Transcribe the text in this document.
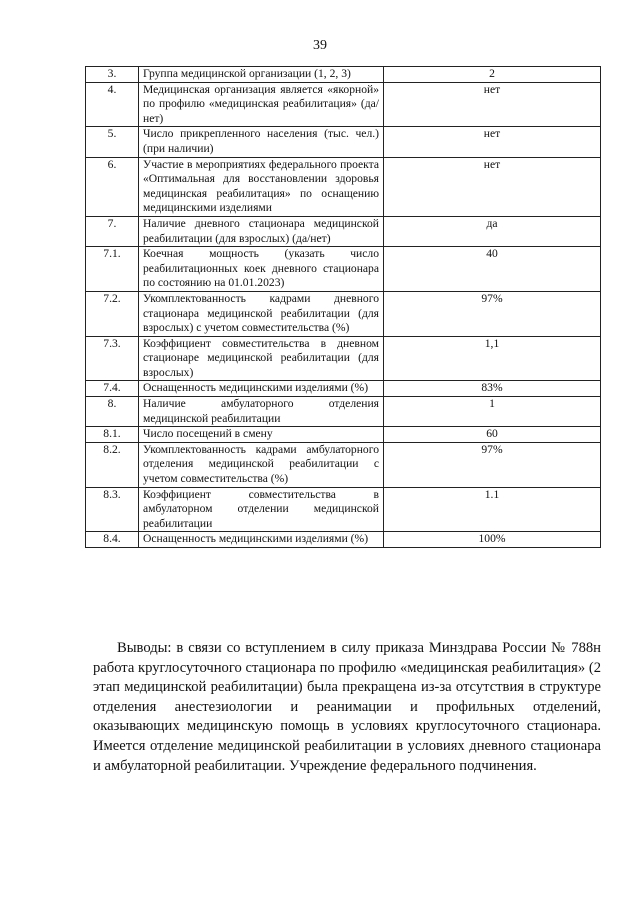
39
3.	Группа медицинской организации (1, 2, 3)	2
4.	Медицинская организация является «якорной» по профилю «медицинская реабилитация» (да/нет)	нет
5.	Число прикрепленного населения (тыс. чел.) (при наличии)	нет
6.	Участие в мероприятиях федерального проекта «Оптимальная для восстановлении здоровья медицинская реабилитация» по оснащению медицинскими изделиями	нет
7.	Наличие дневного стационара медицинской реабилитации (для взрослых) (да/нет)	да
7.1.	Коечная мощность (указать число реабилитационных коек дневного стационара по состоянию на 01.01.2023)	40
7.2.	Укомплектованность кадрами дневного стационара медицинской реабилитации (для взрослых) с учетом совместительства (%)	97%
7.3.	Коэффициент совместительства в дневном стационаре медицинской реабилитации (для взрослых)	1,1
7.4.	Оснащенность медицинскими изделиями (%)	83%
8.	Наличие амбулаторного отделения медицинской реабилитации	1
8.1.	Число посещений в смену	60
8.2.	Укомплектованность кадрами амбулаторного отделения медицинской реабилитации с учетом совместительства (%)	97%
8.3.	Коэффициент совместительства в амбулаторном отделении медицинской реабилитации	1.1
8.4.	Оснащенность медицинскими изделиями (%)	100%

Выводы: в связи со вступлением в силу приказа Минздрава России № 788н работа круглосуточного стационара по профилю «медицинская реабилитация» (2 этап медицинской реабилитации) была прекращена из-за отсутствия в структуре отделения анестезиологии и реанимации и профильных отделений, оказывающих медицинскую помощь в условиях круглосуточного стационара. Имеется отделение медицинской реабилитации в условиях дневного стационара и амбулаторной реабилитации. Учреждение федерального подчинения.
